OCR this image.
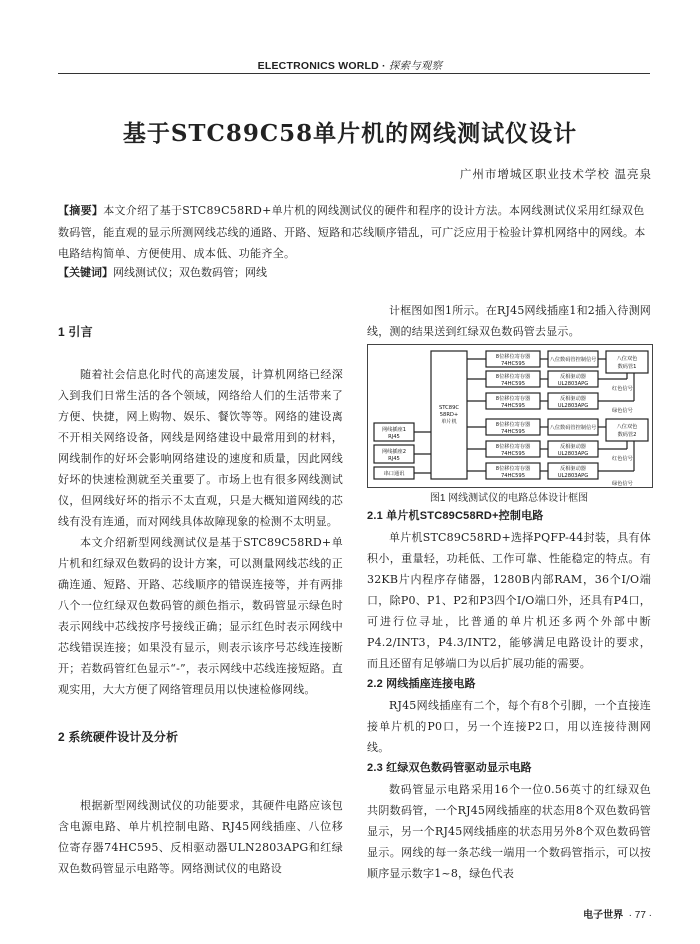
ELECTRONICS WORLD · 探索与观察
基于STC89C58单片机的网线测试仪设计
广州市增城区职业技术学校 温亮泉
【摘要】本文介绍了基于STC89C58RD+单片机的网线测试仪的硬件和程序的设计方法。本网线测试仪采用红绿双色数码管，能直观的显示所测网线芯线的通路、开路、短路和芯线顺序错乱，可广泛应用于检验计算机网络中的网线。本电路结构简单、方便使用、成本低、功能齐全。
【关键词】网线测试仪；双色数码管；网线
1 引言

随着社会信息化时代的高速发展，计算机网络已经深入到我们日常生活的各个领域，网络给人们的生活带来了方便、快捷，网上购物、娱乐、餐饮等等。网络的建设离不开相关网络设备，网线是网络建设中最常用到的材料，网线制作的好坏会影响网络建设的速度和质量，因此网线好坏的快速检测就至关重要了。市场上也有很多网线测试仪，但网线好坏的指示不太直观，只是大概知道网线的芯线有没有连通，而对网线具体故障现象的检测不太明显。

本文介绍新型网线测试仪是基于STC89C58RD+单片机和红绿双色数码的设计方案，可以测量网线芯线的正确连通、短路、开路、芯线顺序的错误连接等，并有两排八个一位红绿双色数码管的颜色指示，数码管显示绿色时表示网线中芯线按序号接线正确；显示红色时表示网线中芯线错误连接；如果没有显示，则表示该序号芯线连接断开；若数码管红色显示“-”，表示网线中芯线连接短路。直观实用，大大方便了网络管理员用以快速检修网线。

2 系统硬件设计及分析

根据新型网线测试仪的功能要求，其硬件电路应该包含电源电路、单片机控制电路、RJ45网线插座、八位移位寄存器74HC595、反相驱动器ULN2803APG和红绿双色数码管显示电路等。网络测试仪的电路设

计框图如图1所示。在RJ45网线插座1和2插入待测网线，测的结果送到红绿双色数码管去显示。

STC89C
58RD+
单片机
网线插座1
RJ45
网线插座2
RJ45
串口通讯
8位移位寄存器
74HC595
8位移位寄存器
74HC595
8位移位寄存器
74HC595
8位移位寄存器
74HC595
8位移位寄存器
74HC595
8位移位寄存器
74HC595
八位数码管控制信号
反相驱动器
UL2803APG
反相驱动器
UL2803APG
八位数码管控制信号
反相驱动器
UL2803APG
反相驱动器
UL2803APG
八位双色
数码管1
八位双色
数码管2
红色信号
绿色信号
红色信号
绿色信号
图1 网线测试仪的电路总体设计框图
2.1 单片机STC89C58RD+控制电路

单片机STC89C58RD+选择PQFP-44封装，具有体积小，重量轻，功耗低、工作可靠、性能稳定的特点。有32KB片内程序存储器，1280B内部RAM，36个I/O端口，除P0、P1、P2和P3四个I/O端口外，还具有P4口，可进行位寻址，比普通的单片机还多两个外部中断P4.2/INT3，P4.3/INT2，能够满足电路设计的要求，而且还留有足够端口为以后扩展功能的需要。

2.2 网线插座连接电路

RJ45网线插座有二个，每个有8个引脚，一个直接连接单片机的P0口，另一个连接P2口，用以连接待测网线。

2.3 红绿双色数码管驱动显示电路

数码管显示电路采用16个一位0.56英寸的红绿双色共阴数码管，一个RJ45网线插座的状态用8个双色数码管显示，另一个RJ45网线插座的状态用另外8个双色数码管显示。网线的每一条芯线一端用一个数码管指示，可以按顺序显示数字1~8，绿色代表

电子世界 · 77 ·
